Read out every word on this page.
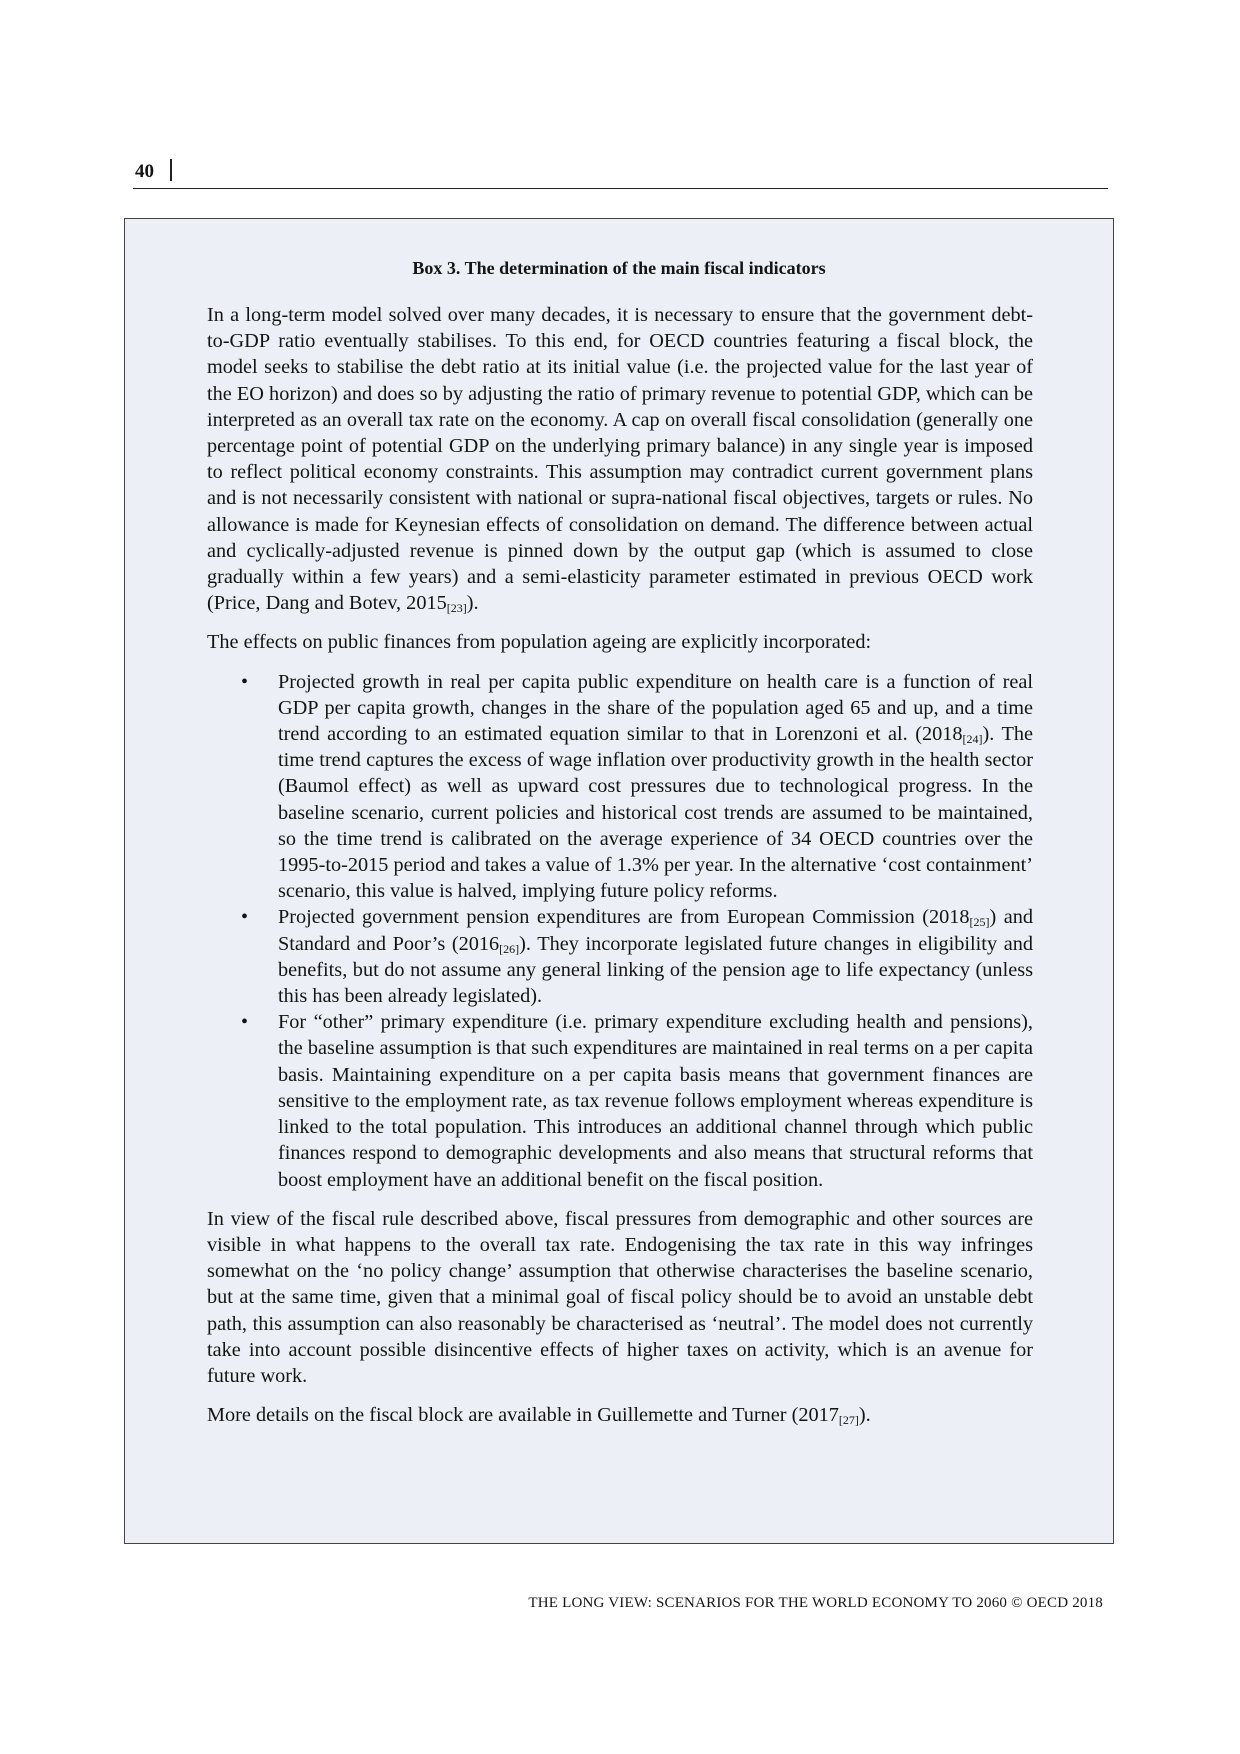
40
Box 3. The determination of the main fiscal indicators

In a long-term model solved over many decades, it is necessary to ensure that the government debt-to-GDP ratio eventually stabilises. To this end, for OECD countries featuring a fiscal block, the model seeks to stabilise the debt ratio at its initial value (i.e. the projected value for the last year of the EO horizon) and does so by adjusting the ratio of primary revenue to potential GDP, which can be interpreted as an overall tax rate on the economy. A cap on overall fiscal consolidation (generally one percentage point of potential GDP on the underlying primary balance) in any single year is imposed to reflect political economy constraints. This assumption may contradict current government plans and is not necessarily consistent with national or supra-national fiscal objectives, targets or rules. No allowance is made for Keynesian effects of consolidation on demand. The difference between actual and cyclically-adjusted revenue is pinned down by the output gap (which is assumed to close gradually within a few years) and a semi-elasticity parameter estimated in previous OECD work (Price, Dang and Botev, $2015_{[23]}$).

The effects on public finances from population ageing are explicitly incorporated:

• Projected growth in real per capita public expenditure on health care is a function of real GDP per capita growth, changes in the share of the population aged 65 and up, and a time trend according to an estimated equation similar to that in Lorenzoni et al. $(2018_{[24]})$. The time trend captures the excess of wage inflation over productivity growth in the health sector (Baumol effect) as well as upward cost pressures due to technological progress. In the baseline scenario, current policies and historical cost trends are assumed to be maintained, so the time trend is calibrated on the average experience of 34 OECD countries over the 1995-to-2015 period and takes a value of 1.3% per year. In the alternative ‘cost containment’ scenario, this value is halved, implying future policy reforms.
• Projected government pension expenditures are from European Commission $(2018_{[25]})$ and Standard and Poor’s $(2016_{[26]})$. They incorporate legislated future changes in eligibility and benefits, but do not assume any general linking of the pension age to life expectancy (unless this has been already legislated).
• For “other” primary expenditure (i.e. primary expenditure excluding health and pensions), the baseline assumption is that such expenditures are maintained in real terms on a per capita basis. Maintaining expenditure on a per capita basis means that government finances are sensitive to the employment rate, as tax revenue follows employment whereas expenditure is linked to the total population. This introduces an additional channel through which public finances respond to demographic developments and also means that structural reforms that boost employment have an additional benefit on the fiscal position.

In view of the fiscal rule described above, fiscal pressures from demographic and other sources are visible in what happens to the overall tax rate. Endogenising the tax rate in this way infringes somewhat on the ‘no policy change’ assumption that otherwise characterises the baseline scenario, but at the same time, given that a minimal goal of fiscal policy should be to avoid an unstable debt path, this assumption can also reasonably be characterised as ‘neutral’. The model does not currently take into account possible disincentive effects of higher taxes on activity, which is an avenue for future work.

More details on the fiscal block are available in Guillemette and Turner $(2017_{[27]})$.

THE LONG VIEW: SCENARIOS FOR THE WORLD ECONOMY TO 2060 © OECD 2018
